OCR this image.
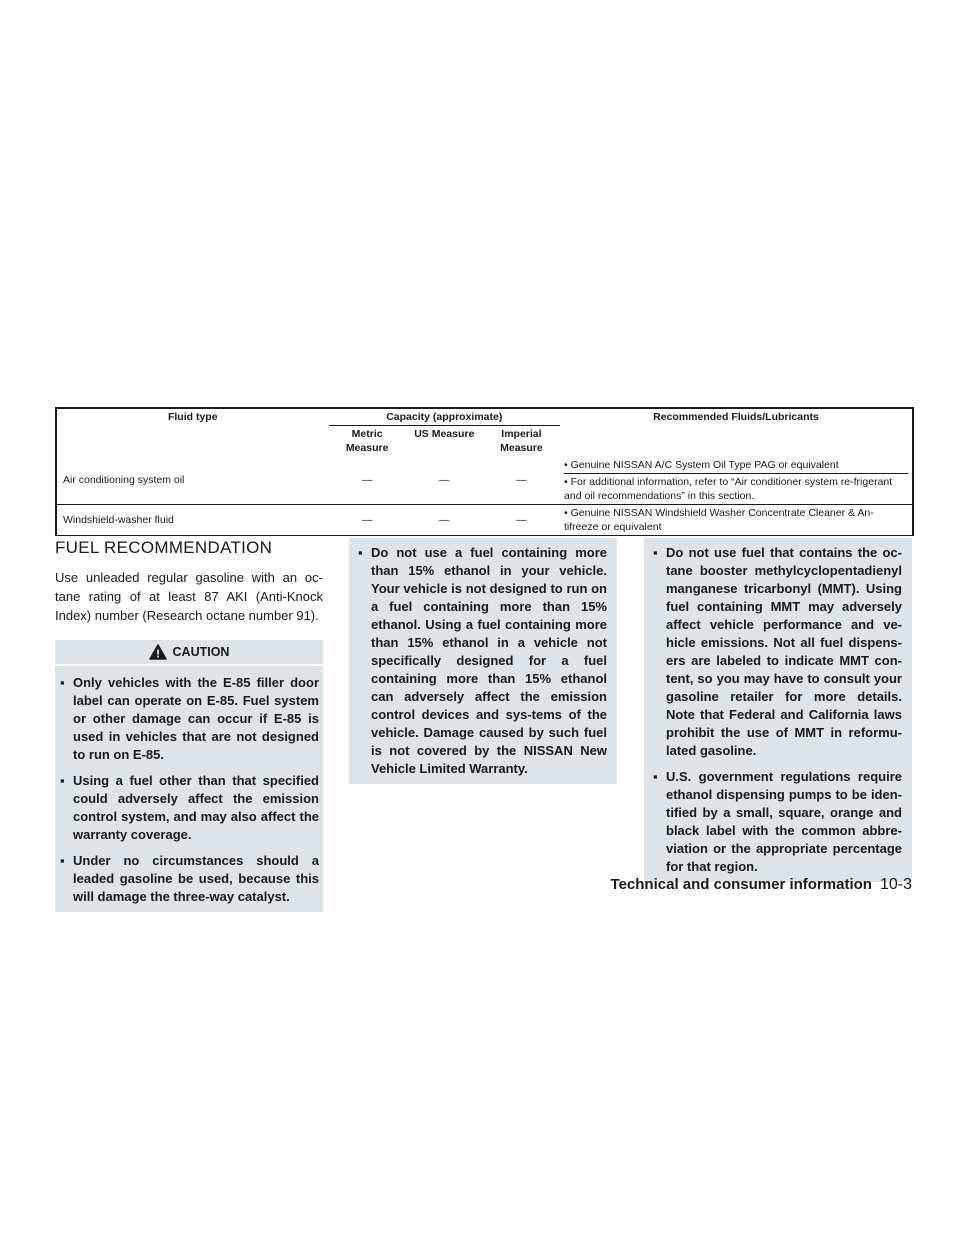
Fluid type	Capacity (approximate)			Recommended Fluids/Lubricants
	Metric Measure	US Measure	Imperial Measure	
Air conditioning system oil	—	—	—	• Genuine NISSAN A/C System Oil Type PAG or equivalent
• For additional information, refer to “Air conditioner system re-frigerant and oil recommendations” in this section.

Windshield-washer fluid	—	—	—	• Genuine NISSAN Windshield Washer Concentrate Cleaner & An-tifreeze or equivalent
FUEL RECOMMENDATION

Use unleaded regular gasoline with an oc-tane rating of at least 87 AKI (Anti-Knock Index) number (Research octane number 91).

CAUTION
▪ Only vehicles with the E-85 filler door label can operate on E-85. Fuel system or other damage can occur if E-85 is used in vehicles that are not designed to run on E-85.
▪ Using a fuel other than that specified could adversely affect the emission control system, and may also affect the warranty coverage.
▪ Under no circumstances should a leaded gasoline be used, because this will damage the three-way catalyst.
▪ Do not use a fuel containing more than 15% ethanol in your vehicle. Your vehicle is not designed to run on a fuel containing more than 15% ethanol. Using a fuel containing more than 15% ethanol in a vehicle not specifically designed for a fuel containing more than 15% ethanol can adversely affect the emission control devices and sys-tems of the vehicle. Damage caused by such fuel is not covered by the NISSAN New Vehicle Limited Warranty.
▪ Do not use fuel that contains the oc-tane booster methylcyclopentadienyl manganese tricarbonyl (MMT). Using fuel containing MMT may adversely affect vehicle performance and ve-hicle emissions. Not all fuel dispens-ers are labeled to indicate MMT con-tent, so you may have to consult your gasoline retailer for more details. Note that Federal and California laws prohibit the use of MMT in reformu-lated gasoline.
▪ U.S. government regulations require ethanol dispensing pumps to be iden-tified by a small, square, orange and black label with the common abbre-viation or the appropriate percentage for that region.
Technical and consumer information 10-3
